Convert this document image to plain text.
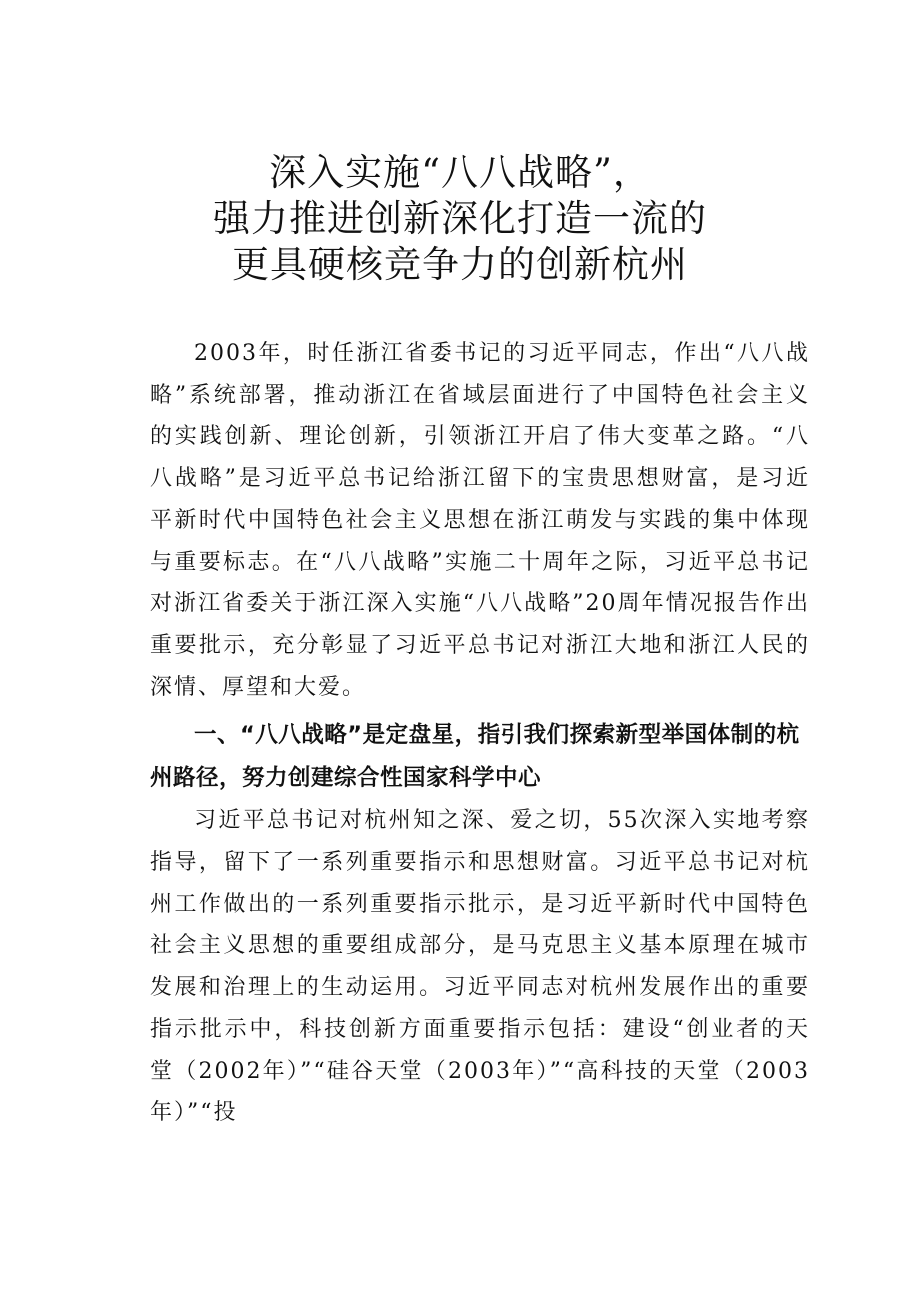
深入实施“八八战略”，
强力推进创新深化打造一流的
更具硬核竞争力的创新杭州

2003年，时任浙江省委书记的习近平同志，作出“八八战略”系统部署，推动浙江在省域层面进行了中国特色社会主义的实践创新、理论创新，引领浙江开启了伟大变革之路。“八八战略”是习近平总书记给浙江留下的宝贵思想财富，是习近平新时代中国特色社会主义思想在浙江萌发与实践的集中体现与重要标志。在“八八战略”实施二十周年之际，习近平总书记对浙江省委关于浙江深入实施“八八战略”20周年情况报告作出重要批示，充分彰显了习近平总书记对浙江大地和浙江人民的深情、厚望和大爱。

一、“八八战略”是定盘星，指引我们探索新型举国体制的杭州路径，努力创建综合性国家科学中心

习近平总书记对杭州知之深、爱之切，55次深入实地考察指导，留下了一系列重要指示和思想财富。习近平总书记对杭州工作做出的一系列重要指示批示，是习近平新时代中国特色社会主义思想的重要组成部分，是马克思主义基本原理在城市发展和治理上的生动运用。习近平同志对杭州发展作出的重要指示批示中，科技创新方面重要指示包括：建设“创业者的天堂（2002年）”“硅谷天堂（2003年）”“高科技的天堂（2003年）”“投
